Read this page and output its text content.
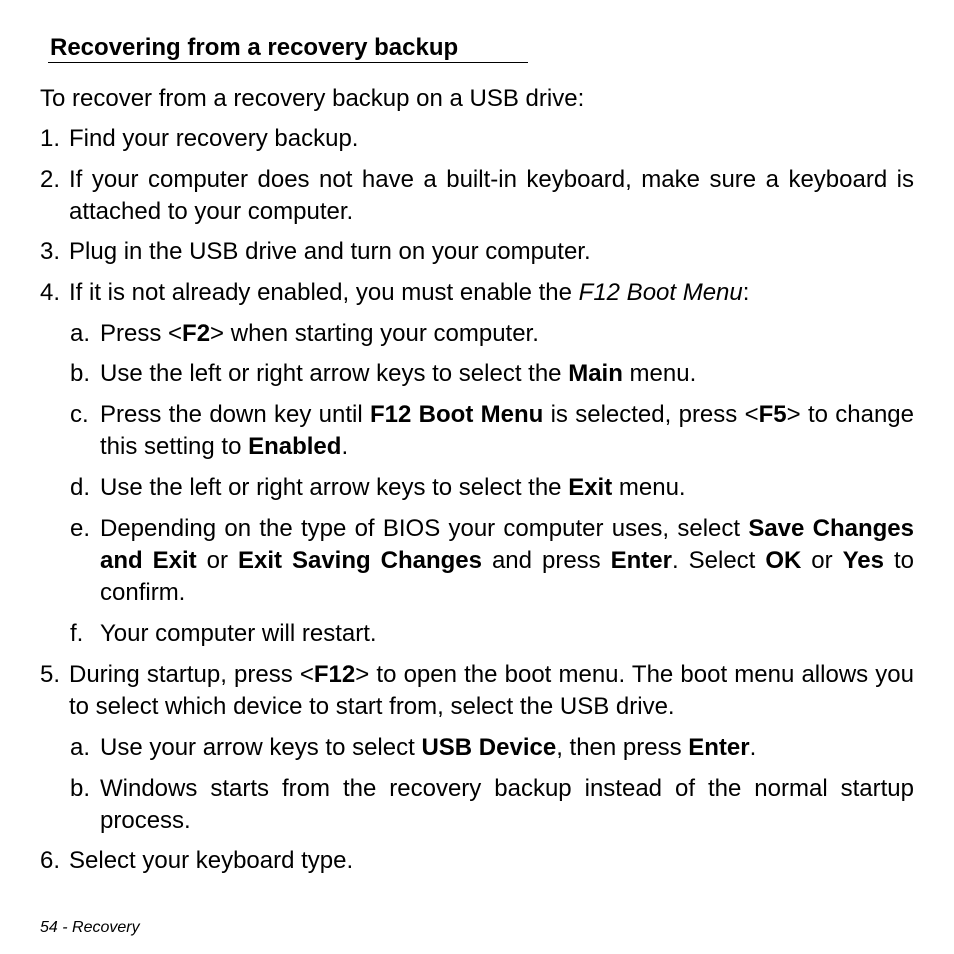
Recovering from a recovery backup

To recover from a recovery backup on a USB drive:

1. Find your recovery backup.

2. If your computer does not have a built-in keyboard, make sure a keyboard is attached to your computer.

3. Plug in the USB drive and turn on your computer.

4. If it is not already enabled, you must enable the F12 Boot Menu:

a. Press <F2> when starting your computer.

b. Use the left or right arrow keys to select the Main menu.

c. Press the down key until F12 Boot Menu is selected, press <F5> to change this setting to Enabled.

d. Use the left or right arrow keys to select the Exit menu.

e. Depending on the type of BIOS your computer uses, select Save Changes and Exit or Exit Saving Changes and press Enter. Select OK or Yes to confirm.

f. Your computer will restart.

5. During startup, press <F12> to open the boot menu. The boot menu allows you to select which device to start from, select the USB drive.

a. Use your arrow keys to select USB Device, then press Enter.

b. Windows starts from the recovery backup instead of the normal startup process.

6. Select your keyboard type.

54 - Recovery
